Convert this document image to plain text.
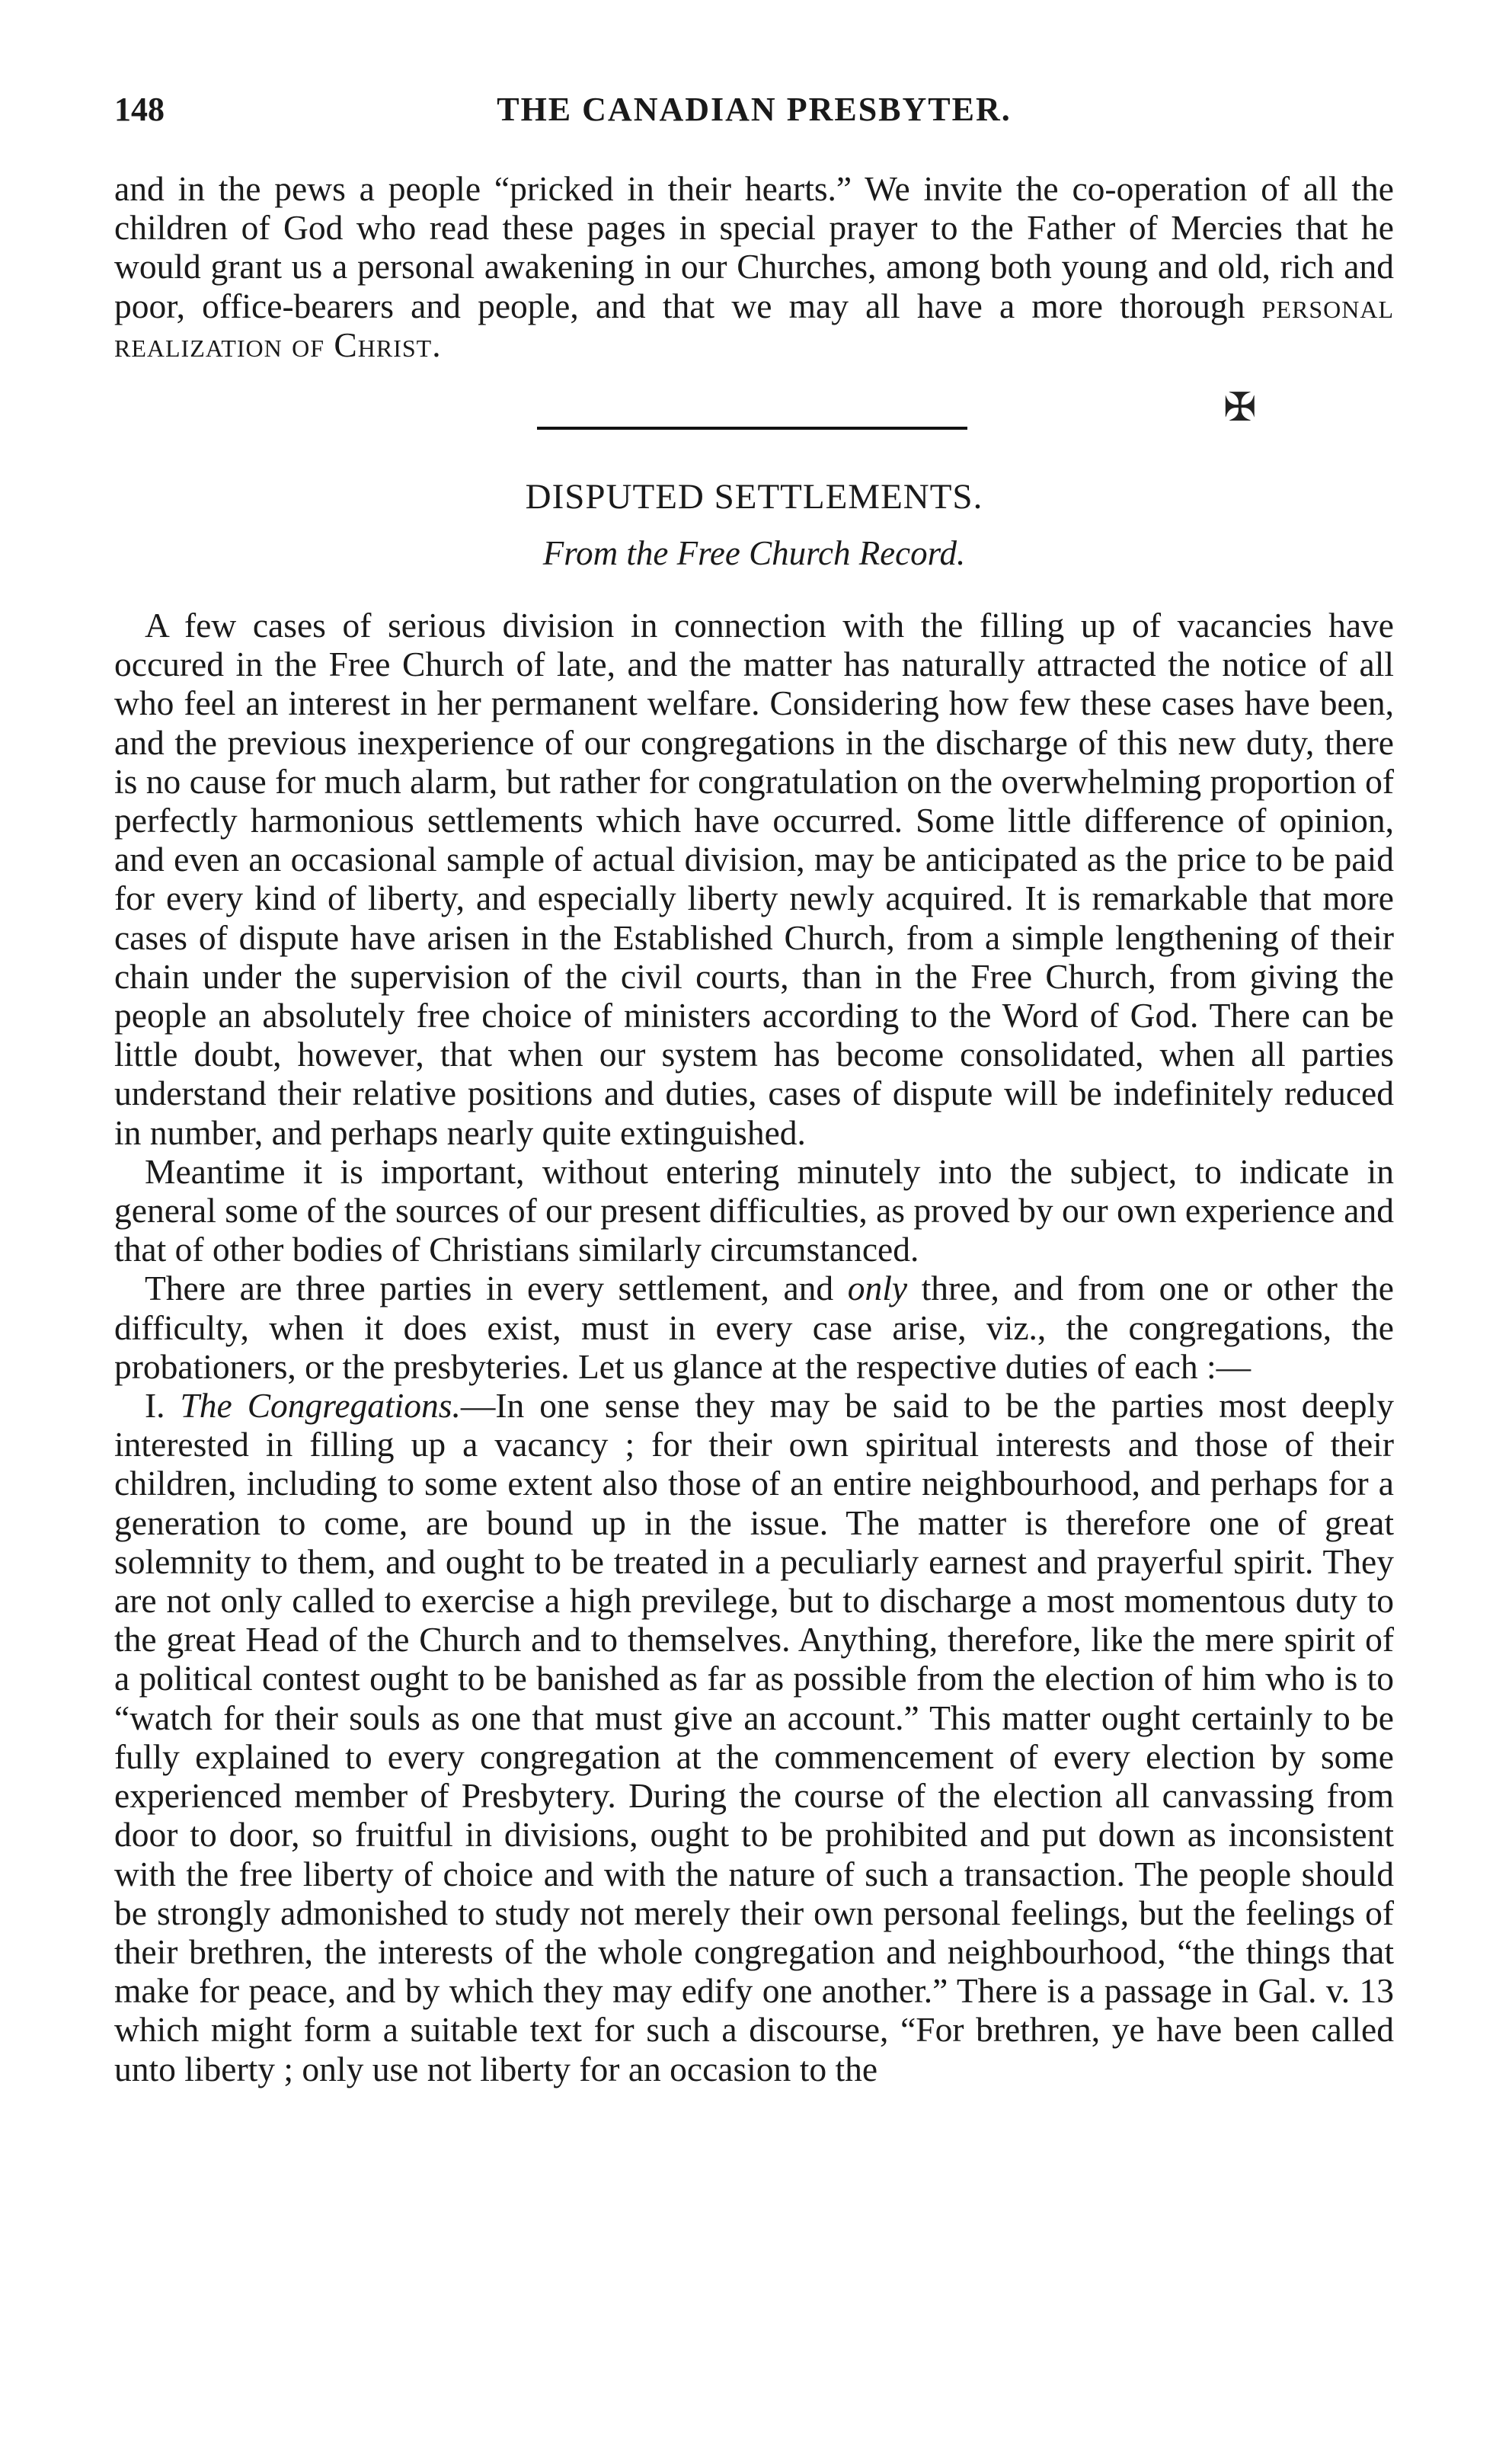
148	THE CANADIAN PRESBYTER.

and in the pews a people “pricked in their hearts.” We invite the co-operation of all the children of God who read these pages in special prayer to the Father of Mercies that he would grant us a personal awakening in our Churches, among both young and old, rich and poor, office-bearers and people, and that we may all have a more thorough personal realization of Christ.

✠
DISPUTED SETTLEMENTS.
From the Free Church Record.

A few cases of serious division in connection with the filling up of vacancies have occured in the Free Church of late, and the matter has naturally attracted the notice of all who feel an interest in her permanent welfare. Considering how few these cases have been, and the previous inexperience of our congregations in the discharge of this new duty, there is no cause for much alarm, but rather for congratulation on the overwhelming proportion of perfectly harmonious settlements which have occurred. Some little difference of opinion, and even an occasional sample of actual division, may be anticipated as the price to be paid for every kind of liberty, and especially liberty newly acquired. It is remarkable that more cases of dispute have arisen in the Established Church, from a simple lengthening of their chain under the supervision of the civil courts, than in the Free Church, from giving the people an absolutely free choice of ministers according to the Word of God. There can be little doubt, however, that when our system has become consolidated, when all parties understand their relative positions and duties, cases of dispute will be indefinitely reduced in number, and perhaps nearly quite extinguished.

Meantime it is important, without entering minutely into the subject, to indicate in general some of the sources of our present difficulties, as proved by our own experience and that of other bodies of Christians similarly circumstanced.

There are three parties in every settlement, and only three, and from one or other the difficulty, when it does exist, must in every case arise, viz., the congregations, the probationers, or the presbyteries. Let us glance at the respective duties of each :—

I. The Congregations.—In one sense they may be said to be the parties most deeply interested in filling up a vacancy ; for their own spiritual interests and those of their children, including to some extent also those of an entire neighbourhood, and perhaps for a generation to come, are bound up in the issue. The matter is therefore one of great solemnity to them, and ought to be treated in a peculiarly earnest and prayerful spirit. They are not only called to exercise a high previlege, but to discharge a most momentous duty to the great Head of the Church and to themselves. Anything, therefore, like the mere spirit of a political contest ought to be banished as far as possible from the election of him who is to “watch for their souls as one that must give an account.” This matter ought certainly to be fully explained to every congregation at the commencement of every election by some experienced member of Presbytery. During the course of the election all canvassing from door to door, so fruitful in divisions, ought to be prohibited and put down as inconsistent with the free liberty of choice and with the nature of such a transaction. The people should be strongly admonished to study not merely their own personal feelings, but the feelings of their brethren, the interests of the whole congregation and neighbourhood, “the things that make for peace, and by which they may edify one another.” There is a passage in Gal. v. 13 which might form a suitable text for such a discourse, “For brethren, ye have been called unto liberty ; only use not liberty for an occasion to the
